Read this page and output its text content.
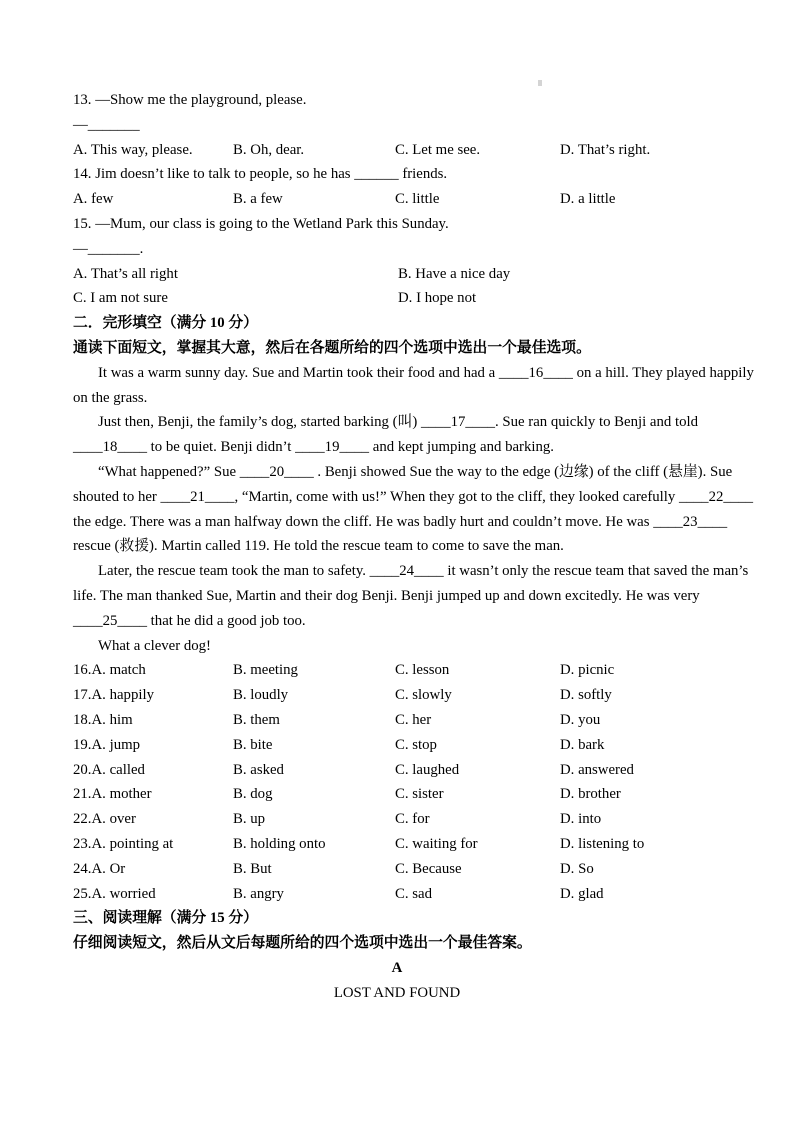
13. —Show me the playground, please.
—_______
A. This way, please.	B. Oh, dear.	C. Let me see.	D. That’s right.
14. Jim doesn’t like to talk to people, so he has ______ friends.
A. few	B. a few	C. little	D. a little
15. —Mum, our class is going to the Wetland Park this Sunday.
—_______.
A. That’s all right	B. Have a nice day
C. I am not sure	D. I hope not
二．完形填空（满分 10 分）
通读下面短文，掌握其大意，然后在各题所给的四个选项中选出一个最佳选项。
It was a warm sunny day. Sue and Martin took their food and had a ____16____ on a hill. They played happily
on the grass.
Just then, Benji, the family’s dog, started barking (叫) ____17____. Sue ran quickly to Benji and told
____18____ to be quiet. Benji didn’t ____19____ and kept jumping and barking.
“What happened?” Sue ____20____ . Benji showed Sue the way to the edge (边缘) of the cliff (悬崖). Sue
shouted to her ____21____, “Martin, come with us!” When they got to the cliff, they looked carefully ____22____
the edge. There was a man halfway down the cliff. He was badly hurt and couldn’t move. He was ____23____
rescue (救援). Martin called 119. He told the rescue team to come to save the man.
Later, the rescue team took the man to safety. ____24____ it wasn’t only the rescue team that saved the man’s
life. The man thanked Sue, Martin and their dog Benji. Benji jumped up and down excitedly. He was very
____25____ that he did a good job too.
What a clever dog!
16.A. match	B. meeting	C. lesson	D. picnic
17.A. happily	B. loudly	C. slowly	D. softly
18.A. him	B. them	C. her	D. you
19.A. jump	B. bite	C. stop	D. bark
20.A. called	B. asked	C. laughed	D. answered
21.A. mother	B. dog	C. sister	D. brother
22.A. over	B. up	C. for	D. into
23.A. pointing at	B. holding onto	C. waiting for	D. listening to
24.A. Or	B. But	C. Because	D. So
25.A. worried	B. angry	C. sad	D. glad
三、阅读理解（满分 15 分）
仔细阅读短文，然后从文后每题所给的四个选项中选出一个最佳答案。
A
LOST AND FOUND
